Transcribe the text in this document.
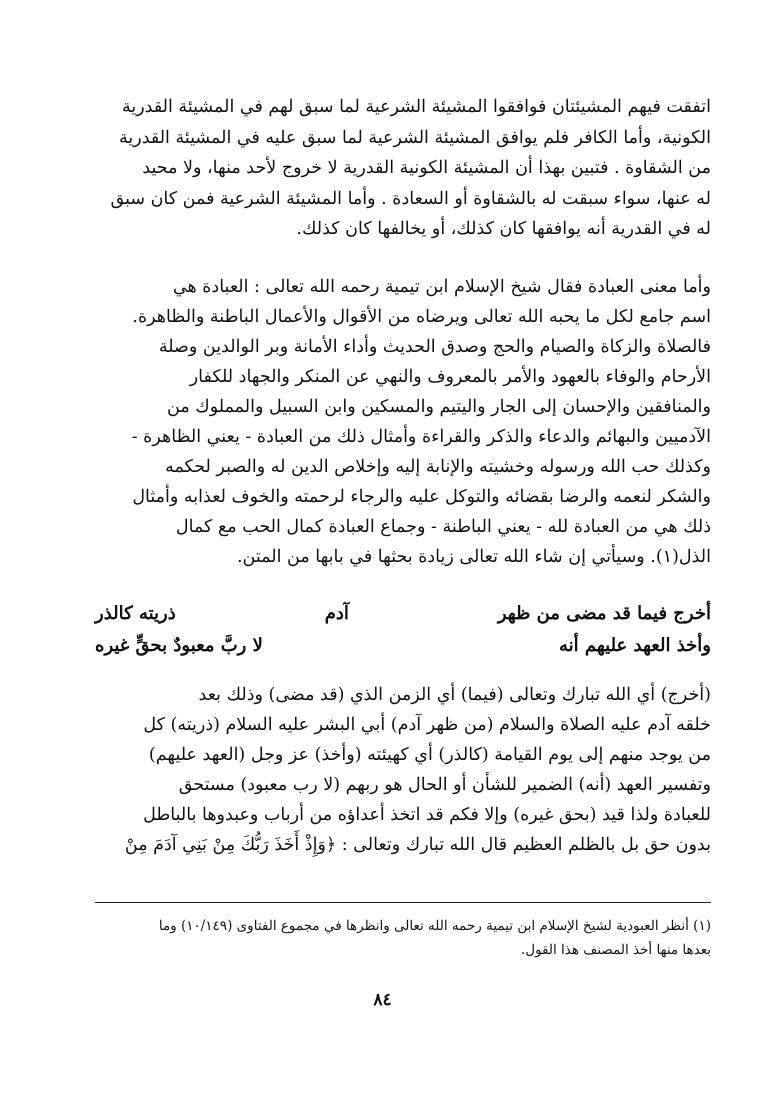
اتفقت فيهم المشيئتان فوافقوا المشيئة الشرعية لما سبق لهم في المشيئة القدرية
الكونية، وأما الكافر فلم يوافق المشيئة الشرعية لما سبق عليه في المشيئة القدرية
من الشقاوة . فتبين بهذا أن المشيئة الكونية القدرية لا خروج لأحد منها، ولا محيد
له عنها، سواء سبقت له بالشقاوة أو السعادة . وأما المشيئة الشرعية فمن كان سبق
له في القدرية أنه يوافقها كان كذلك، أو يخالفها كان كذلك.
وأما معنى العبادة فقال شيخ الإسلام ابن تيمية رحمه الله تعالى : العبادة هي
اسم جامع لكل ما يحبه الله تعالى ويرضاه من الأقوال والأعمال الباطنة والظاهرة.
فالصلاة والزكاة والصيام والحج وصدق الحديث وأداء الأمانة وبر الوالدين وصلة
الأرحام والوفاء بالعهود والأمر بالمعروف والنهي عن المنكر والجهاد للكفار
والمنافقين والإحسان إلى الجار واليتيم والمسكين وابن السبيل والمملوك من
الآدميين والبهائم والدعاء والذكر والقراءة وأمثال ذلك من العبادة - يعني الظاهرة -
وكذلك حب الله ورسوله وخشيته والإنابة إليه وإخلاص الدين له والصبر لحكمه
والشكر لنعمه والرضا بقضائه والتوكل عليه والرجاء لرحمته والخوف لعذابه وأمثال
ذلك هي من العبادة لله - يعني الباطنة - وجماع العبادة كمال الحب مع كمال
الذل(١). وسيأتي إن شاء الله تعالى زيادة بحثها في بابها من المتن.
أخرج فيما قد مضى من ظهر
آدم
ذريته كالذر
وأخذ العهد عليهم أنه
لا ربَّ معبودٌ بحقٍّ غيره
(أخرج) أي الله تبارك وتعالى (فيما) أي الزمن الذي (قد مضى) وذلك بعد
خلقه آدم عليه الصلاة والسلام (من ظهر آدم) أبي البشر عليه السلام (ذريته) كل
من يوجد منهم إلى يوم القيامة (كالذر) أي كهيئته (وأخذ) عز وجل (العهد عليهم)
وتفسير العهد (أنه) الضمير للشأن أو الحال هو ربهم (لا رب معبود) مستحق
للعبادة ولذا قيد (بحق غيره) وإلا فكم قد اتخذ أعداؤه من أرباب وعبدوها بالباطل
بدون حق بل بالظلم العظيم قال الله تبارك وتعالى : ﴿وَإِذْ أَخَذَ رَبُّكَ مِنْ بَنِي آدَمَ مِنْ
(١) أنظر العبودية لشيخ الإسلام ابن تيمية رحمه الله تعالى وانظرها في مجموع الفتاوى (١٠/١٤٩) وما
بعدها منها أخذ المصنف هذا القول.
٨٤
